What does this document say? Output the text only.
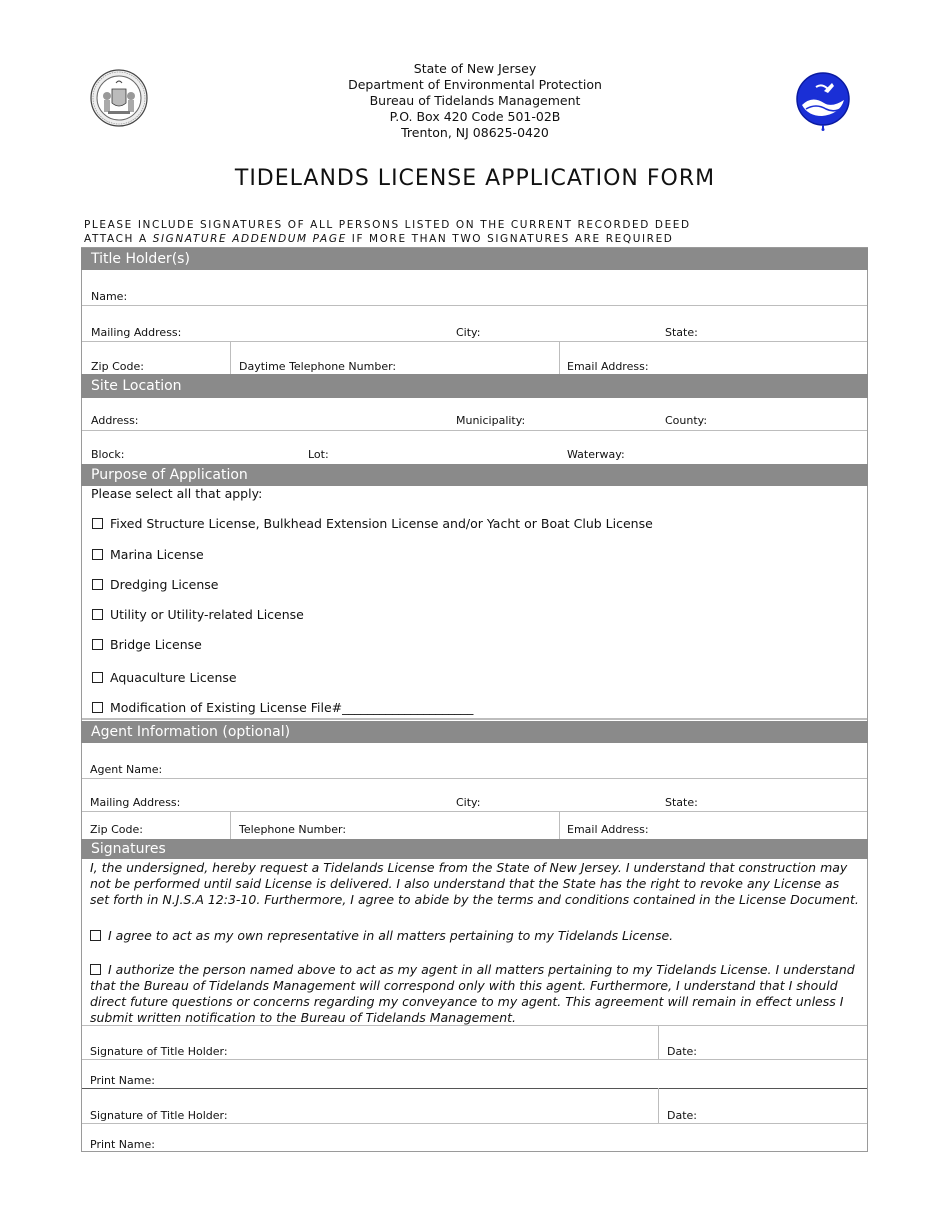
State of New Jersey
Department of Environmental Protection
Bureau of Tidelands Management
P.O. Box 420 Code 501-02B
Trenton, NJ 08625-0420
TIDELANDS LICENSE APPLICATION FORM
PLEASE INCLUDE SIGNATURES OF ALL PERSONS LISTED ON THE CURRENT RECORDED DEED
ATTACH A SIGNATURE ADDENDUM PAGE IF MORE THAN TWO SIGNATURES ARE REQUIRED
Title Holder(s)
Name:
Mailing Address:	City:	State:
Zip Code:	Daytime Telephone Number:	Email Address:
Site Location
Address:	Municipality:	County:
Block:	Lot:	Waterway:
Purpose of Application
Please select all that apply:
Fixed Structure License, Bulkhead Extension License and/or Yacht or Boat Club License
Marina License
Dredging License
Utility or Utility-related License
Bridge License
Aquaculture License
Modification of Existing License File#_____________________
Agent Information (optional)
Agent Name:
Mailing Address:	City:	State:
Zip Code:	Telephone Number:	Email Address:
Signatures
I, the undersigned, hereby request a Tidelands License from the State of New Jersey. I understand that construction may not be performed until said License is delivered. I also understand that the State has the right to revoke any License as set forth in N.J.S.A 12:3-10. Furthermore, I agree to abide by the terms and conditions contained in the License Document.
I agree to act as my own representative in all matters pertaining to my Tidelands License.
I authorize the person named above to act as my agent in all matters pertaining to my Tidelands License. I understand that the Bureau of Tidelands Management will correspond only with this agent. Furthermore, I understand that I should direct future questions or concerns regarding my conveyance to my agent. This agreement will remain in effect unless I submit written notification to the Bureau of Tidelands Management.
Signature of Title Holder:	Date:
Print Name:
Signature of Title Holder:	Date:
Print Name:
